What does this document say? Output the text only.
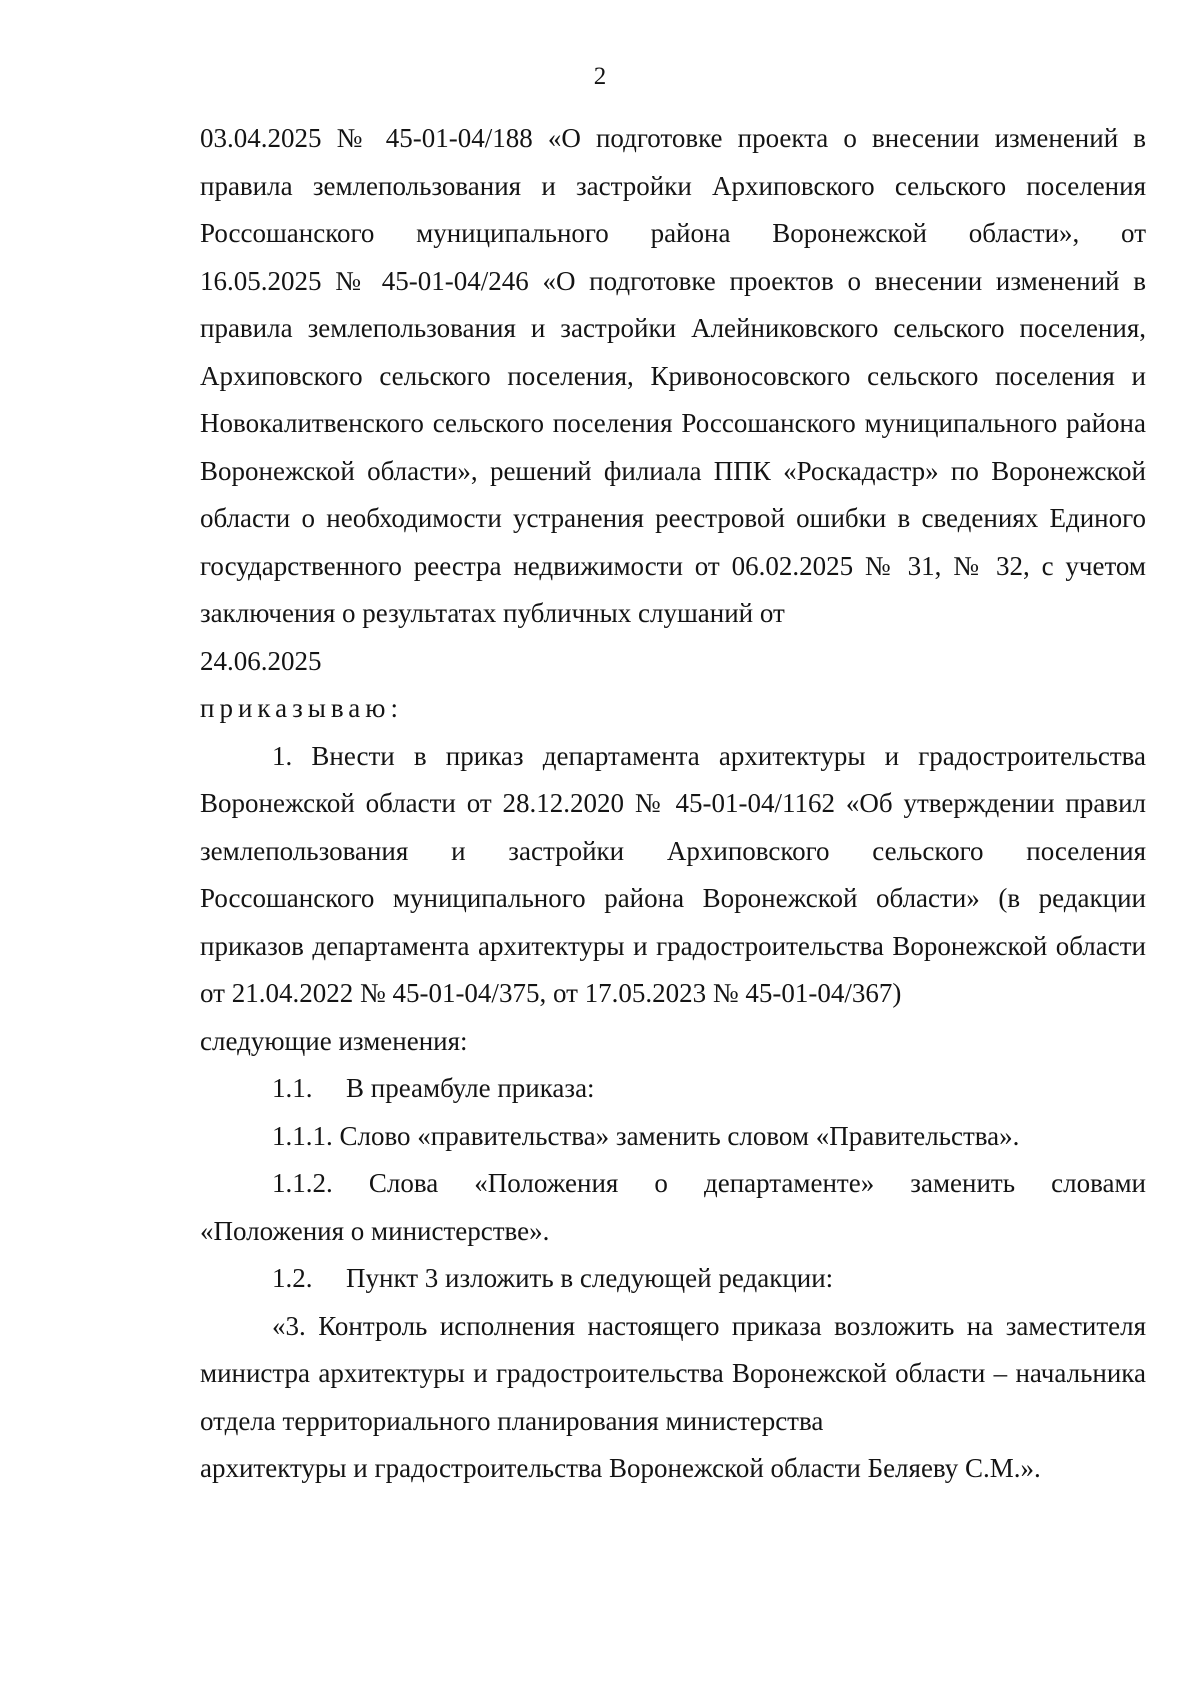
2

03.04.2025 № 45-01-04/188 «О подготовке проекта о внесении изменений в

правила землепользования и застройки Архиповского сельского поселения

Россошанского муниципального района Воронежской области», от

16.05.2025 № 45-01-04/246 «О подготовке проектов о внесении изменений в правила землепользования и застройки Алейниковского сельского поселения, Архиповского сельского поселения, Кривоносовского сельского поселения и Новокалитвенского сельского поселения Россошанского муниципального района Воронежской области», решений филиала ППК «Роскадастр» по Воронежской области о необходимости устранения реестровой ошибки в сведениях Единого государственного реестра недвижимости от 06.02.2025 № 31, № 32, с учетом заключения о результатах публичных слушаний от

24.06.2025

приказываю:

1. Внести в приказ департамента архитектуры и градостроительства Воронежской области от 28.12.2020 № 45-01-04/1162 «Об утверждении правил землепользования и застройки Архиповского сельского поселения Россошанского муниципального района Воронежской области» (в редакции приказов департамента архитектуры и градостроительства Воронежской области от 21.04.2022 № 45-01-04/375, от 17.05.2023 № 45-01-04/367)

следующие изменения:

1.1. В преамбуле приказа:

1.1.1. Слово «правительства» заменить словом «Правительства».

1.1.2. Слова «Положения о департаменте» заменить словами

«Положения о министерстве».

1.2. Пункт 3 изложить в следующей редакции:

«3. Контроль исполнения настоящего приказа возложить на заместителя министра архитектуры и градостроительства Воронежской области – начальника отдела территориального планирования министерства

архитектуры и градостроительства Воронежской области Беляеву С.М.».
